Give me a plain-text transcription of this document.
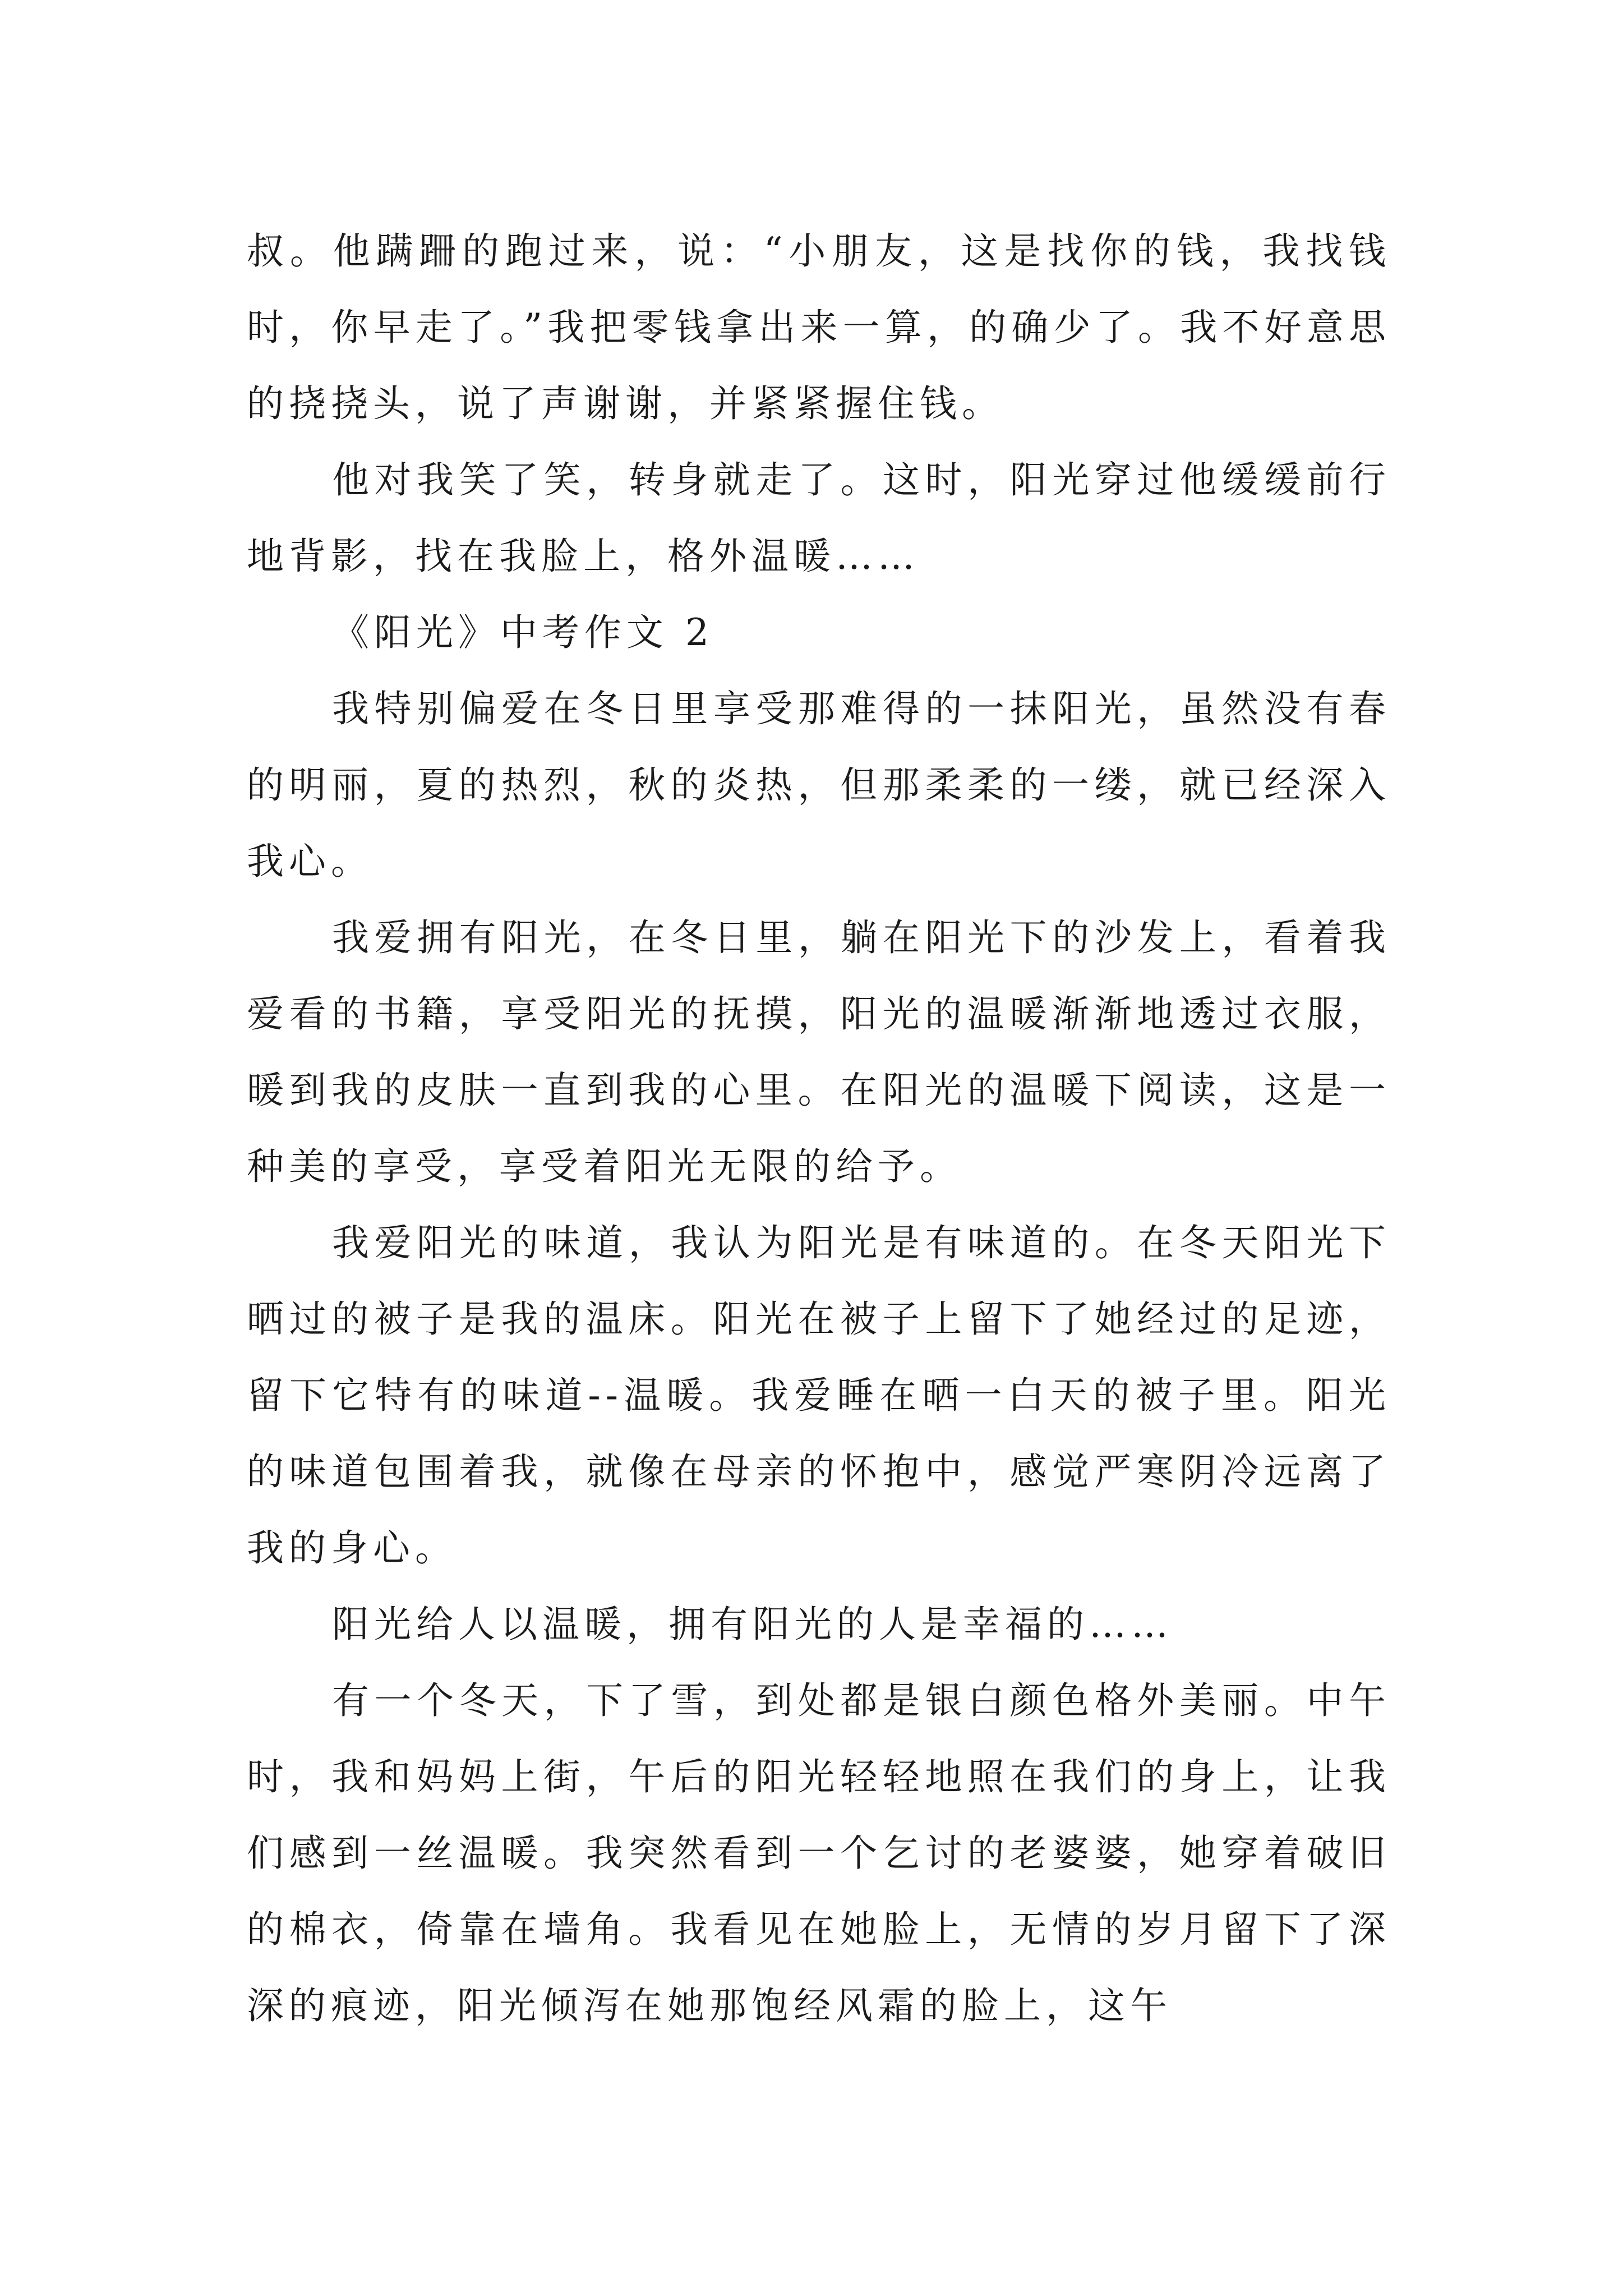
叔。他蹒跚的跑过来，说：“小朋友，这是找你的钱，我找钱时，你早走了。”我把零钱拿出来一算，的确少了。我不好意思的挠挠头，说了声谢谢，并紧紧握住钱。

他对我笑了笑，转身就走了。这时，阳光穿过他缓缓前行地背影，找在我脸上，格外温暖……

《阳光》中考作文 2

我特别偏爱在冬日里享受那难得的一抹阳光，虽然没有春的明丽，夏的热烈，秋的炎热，但那柔柔的一缕，就已经深入我心。

我爱拥有阳光，在冬日里，躺在阳光下的沙发上，看着我爱看的书籍，享受阳光的抚摸，阳光的温暖渐渐地透过衣服，暖到我的皮肤一直到我的心里。在阳光的温暖下阅读，这是一种美的享受，享受着阳光无限的给予。

我爱阳光的味道，我认为阳光是有味道的。在冬天阳光下晒过的被子是我的温床。阳光在被子上留下了她经过的足迹，留下它特有的味道--温暖。我爱睡在晒一白天的被子里。阳光的味道包围着我，就像在母亲的怀抱中，感觉严寒阴冷远离了我的身心。

阳光给人以温暖，拥有阳光的人是幸福的……

有一个冬天，下了雪，到处都是银白颜色格外美丽。中午时，我和妈妈上街，午后的阳光轻轻地照在我们的身上，让我们感到一丝温暖。我突然看到一个乞讨的老婆婆，她穿着破旧的棉衣，倚靠在墙角。我看见在她脸上，无情的岁月留下了深深的痕迹，阳光倾泻在她那饱经风霜的脸上，这午
